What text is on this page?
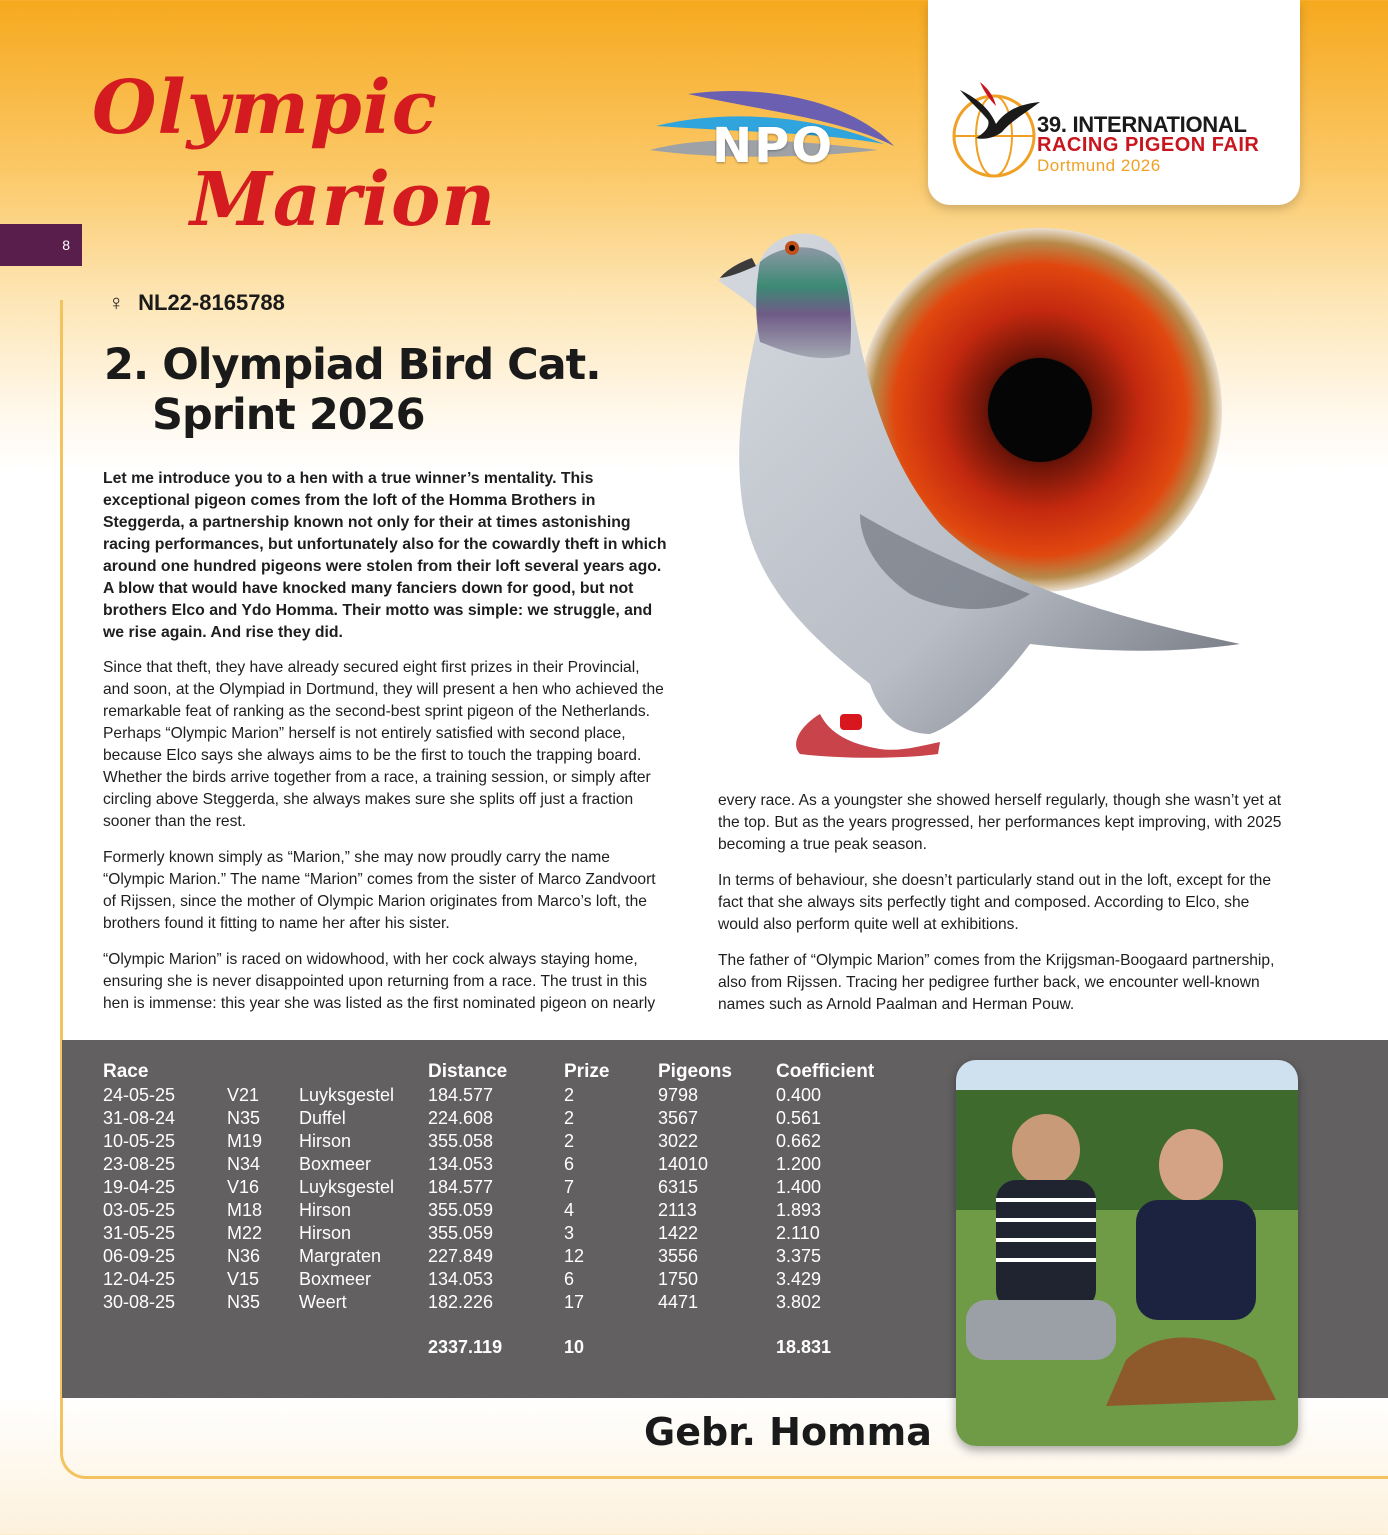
Olympic
Marion
8
NPO	39. INTERNATIONAL
RACING PIGEON FAIR
Dortmund 2026
♀ NL22-8165788
2. Olympiad Bird Cat.

Sprint 2026
Let me introduce you to a hen with a true winner’s mentality. This exceptional pigeon comes from the loft of the Homma Brothers in Steggerda, a partnership known not only for their at times astonishing racing performances, but unfortunately also for the cowardly theft in which around one hundred pigeons were stolen from their loft several years ago. A blow that would have knocked many fanciers down for good, but not brothers Elco and Ydo Homma. Their motto was simple: we struggle, and we rise again. And rise they did.

Since that theft, they have already secured eight first prizes in their Provincial, and soon, at the Olympiad in Dortmund, they will present a hen who achieved the remarkable feat of ranking as the second-best sprint pigeon of the Netherlands. Perhaps “Olympic Marion” herself is not entirely satisfied with second place, because Elco says she always aims to be the first to touch the trapping board. Whether the birds arrive together from a race, a training session, or simply after circling above Steggerda, she always makes sure she splits off just a fraction sooner than the rest.

Formerly known simply as “Marion,” she may now proudly carry the name “Olympic Marion.” The name “Marion” comes from the sister of Marco Zandvoort of Rijssen, since the mother of Olympic Marion originates from Marco’s loft, the brothers found it fitting to name her after his sister.

“Olympic Marion” is raced on widowhood, with her cock always staying home, ensuring she is never disappointed upon returning from a race. The trust in this hen is immense: this year she was listed as the first nominated pigeon on nearly

every race. As a youngster she showed herself regularly, though she wasn’t yet at the top. But as the years progressed, her performances kept improving, with 2025 becoming a true peak season.

In terms of behaviour, she doesn’t particularly stand out in the loft, except for the fact that she always sits perfectly tight and composed. According to Elco, she would also perform quite well at exhibitions.

The father of “Olympic Marion” comes from the Krijgsman-Boogaard partnership, also from Rijssen. Tracing her pedigree further back, we encounter well-known names such as Arnold Paalman and Herman Pouw.

Race			Distance	Prize	Pigeons	Coefficient
24-05-25	V21	Luyksgestel	184.577	2	9798	0.400
31-08-24	N35	Duffel	224.608	2	3567	0.561
10-05-25	M19	Hirson	355.058	2	3022	0.662
23-08-25	N34	Boxmeer	134.053	6	14010	1.200
19-04-25	V16	Luyksgestel	184.577	7	6315	1.400
03-05-25	M18	Hirson	355.059	4	2113	1.893
31-05-25	M22	Hirson	355.059	3	1422	2.110
06-09-25	N36	Margraten	227.849	12	3556	3.375
12-04-25	V15	Boxmeer	134.053	6	1750	3.429
30-08-25	N35	Weert	182.226	17	4471	3.802
			2337.119	10		18.831
Gebr. Homma
